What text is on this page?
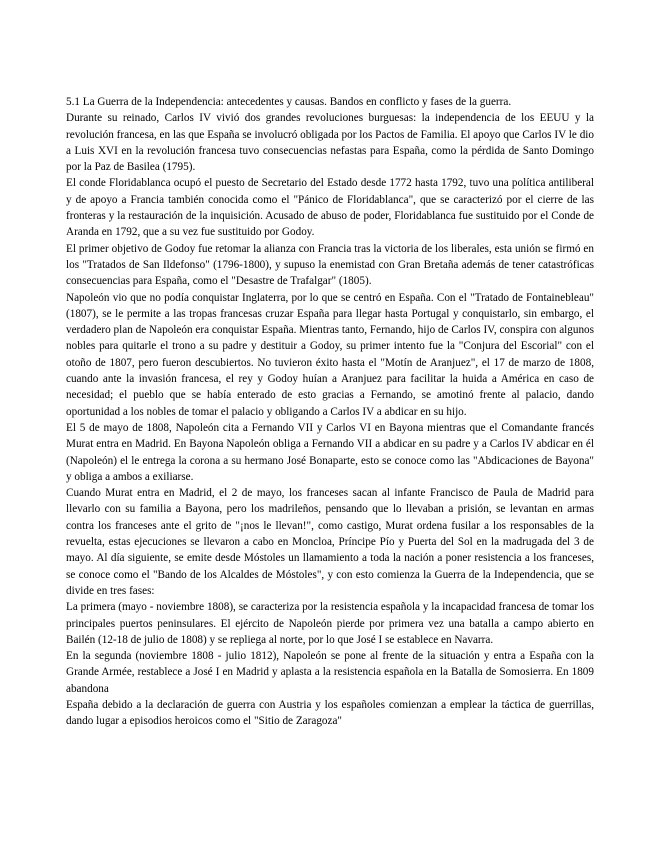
5.1 La Guerra de la Independencia: antecedentes y causas. Bandos en conflicto y fases de la guerra.

Durante su reinado, Carlos IV vivió dos grandes revoluciones burguesas: la independencia de los EEUU y la revolución francesa, en las que España se involucró obligada por los Pactos de Familia. El apoyo que Carlos IV le dio a Luis XVI en la revolución francesa tuvo consecuencias nefastas para España, como la pérdida de Santo Domingo por la Paz de Basilea (1795).

El conde Floridablanca ocupó el puesto de Secretario del Estado desde 1772 hasta 1792, tuvo una política antiliberal y de apoyo a Francia también conocida como el "Pánico de Floridablanca", que se caracterizó por el cierre de las fronteras y la restauración de la inquisición. Acusado de abuso de poder, Floridablanca fue sustituido por el Conde de Aranda en 1792, que a su vez fue sustituido por Godoy.

El primer objetivo de Godoy fue retomar la alianza con Francia tras la victoria de los liberales, esta unión se firmó en los "Tratados de San Ildefonso" (1796-1800), y supuso la enemistad con Gran Bretaña además de tener catastróficas consecuencias para España, como el "Desastre de Trafalgar" (1805).

Napoleón vio que no podía conquistar Inglaterra, por lo que se centró en España. Con el "Tratado de Fontainebleau" (1807), se le permite a las tropas francesas cruzar España para llegar hasta Portugal y conquistarlo, sin embargo, el verdadero plan de Napoleón era conquistar España. Mientras tanto, Fernando, hijo de Carlos IV, conspira con algunos nobles para quitarle el trono a su padre y destituir a Godoy, su primer intento fue la "Conjura del Escorial" con el otoño de 1807, pero fueron descubiertos. No tuvieron éxito hasta el "Motín de Aranjuez", el 17 de marzo de 1808, cuando ante la invasión francesa, el rey y Godoy huían a Aranjuez para facilitar la huida a América en caso de necesidad; el pueblo que se había enterado de esto gracias a Fernando, se amotinó frente al palacio, dando oportunidad a los nobles de tomar el palacio y obligando a Carlos IV a abdicar en su hijo.

El 5 de mayo de 1808, Napoleón cita a Fernando VII y Carlos VI en Bayona mientras que el Comandante francés Murat entra en Madrid. En Bayona Napoleón obliga a Fernando VII a abdicar en su padre y a Carlos IV abdicar en él (Napoleón) el le entrega la corona a su hermano José Bonaparte, esto se conoce como las "Abdicaciones de Bayona" y obliga a ambos a exiliarse.

Cuando Murat entra en Madrid, el 2 de mayo, los franceses sacan al infante Francisco de Paula de Madrid para llevarlo con su familia a Bayona, pero los madrileños, pensando que lo llevaban a prisión, se levantan en armas contra los franceses ante el grito de "¡nos le llevan!", como castigo, Murat ordena fusilar a los responsables de la revuelta, estas ejecuciones se llevaron a cabo en Moncloa, Príncipe Pío y Puerta del Sol en la madrugada del 3 de mayo. Al día siguiente, se emite desde Móstoles un llamamiento a toda la nación a poner resistencia a los franceses, se conoce como el "Bando de los Alcaldes de Móstoles", y con esto comienza la Guerra de la Independencia, que se divide en tres fases:

La primera (mayo - noviembre 1808), se caracteriza por la resistencia española y la incapacidad francesa de tomar los principales puertos peninsulares. El ejército de Napoleón pierde por primera vez una batalla a campo abierto en Bailén (12-18 de julio de 1808) y se repliega al norte, por lo que José I se establece en Navarra.

En la segunda (noviembre 1808 - julio 1812), Napoleón se pone al frente de la situación y entra a España con la Grande Armée, restablece a José I en Madrid y aplasta a la resistencia española en la Batalla de Somosierra. En 1809 abandona

España debido a la declaración de guerra con Austria y los españoles comienzan a emplear la táctica de guerrillas, dando lugar a episodios heroicos como el "Sitio de Zaragoza"
